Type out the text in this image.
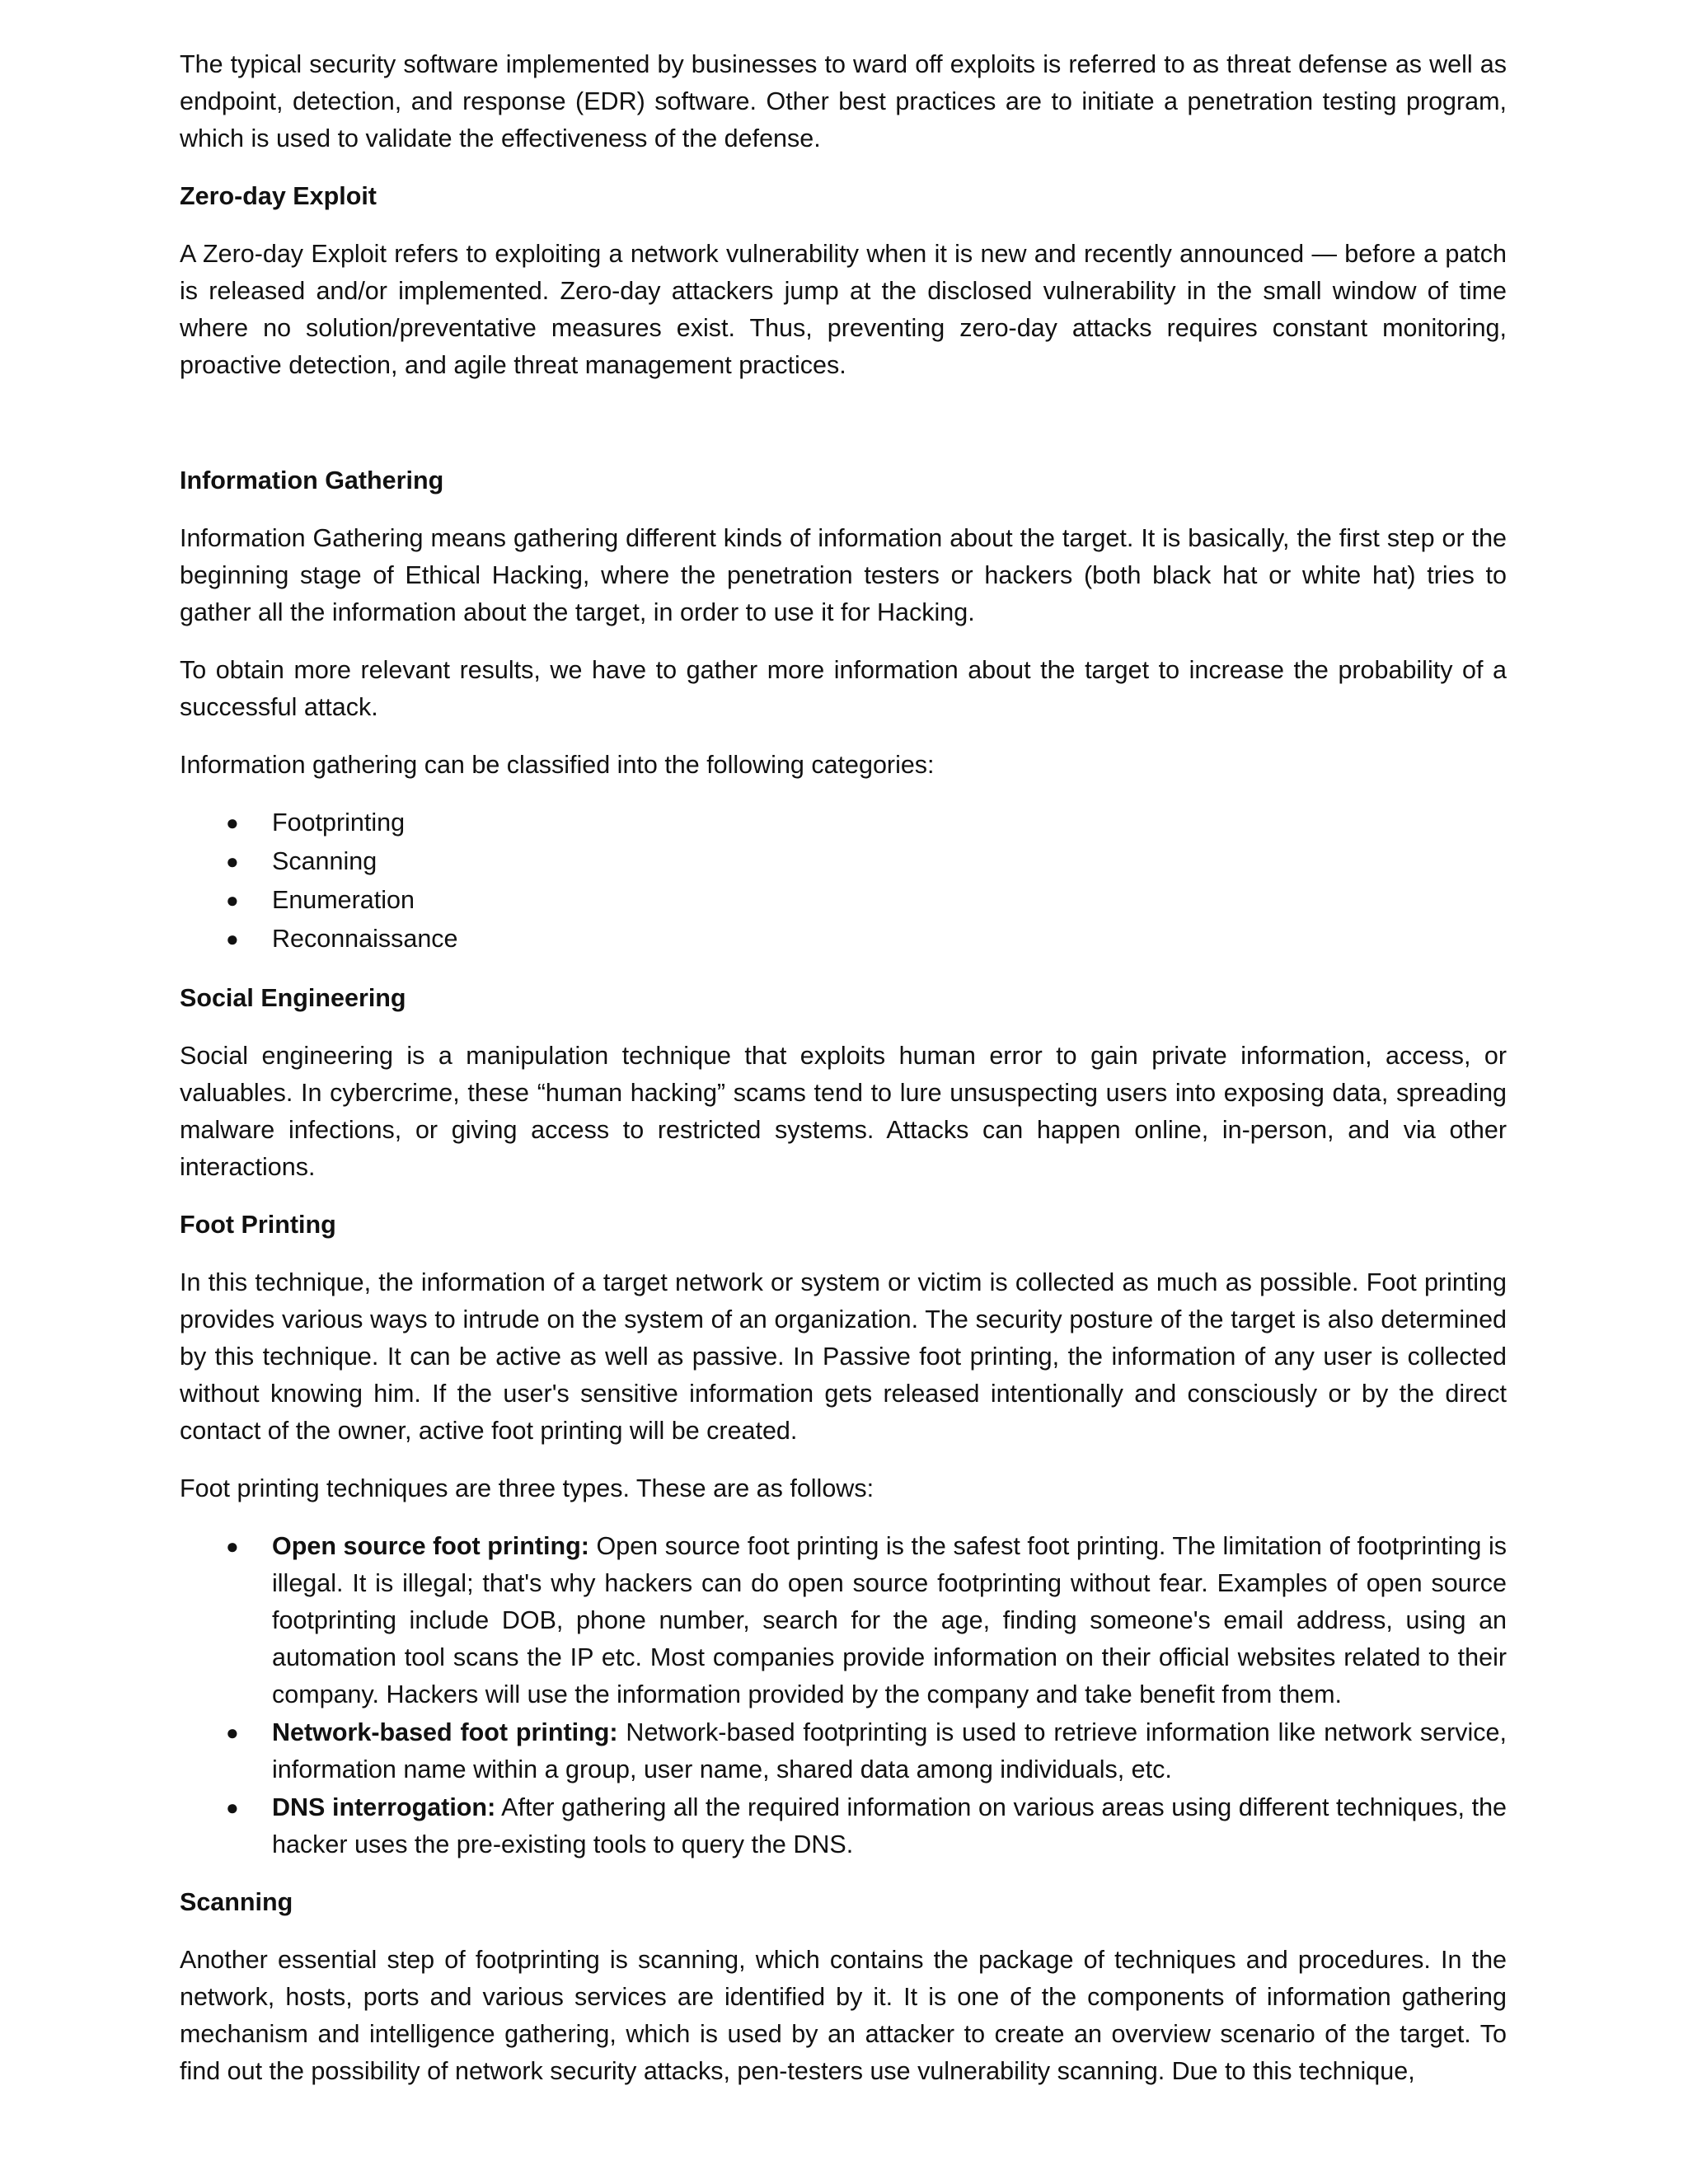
The typical security software implemented by businesses to ward off exploits is referred to as threat defense as well as endpoint, detection, and response (EDR) software. Other best practices are to initiate a penetration testing program, which is used to validate the effectiveness of the defense.

Zero-day Exploit

A Zero-day Exploit refers to exploiting a network vulnerability when it is new and recently announced — before a patch is released and/or implemented. Zero-day attackers jump at the disclosed vulnerability in the small window of time where no solution/preventative measures exist. Thus, preventing zero-day attacks requires constant monitoring, proactive detection, and agile threat management practices.

Information Gathering

Information Gathering means gathering different kinds of information about the target. It is basically, the first step or the beginning stage of Ethical Hacking, where the penetration testers or hackers (both black hat or white hat) tries to gather all the information about the target, in order to use it for Hacking.

To obtain more relevant results, we have to gather more information about the target to increase the probability of a successful attack.

Information gathering can be classified into the following categories:

● Footprinting
● Scanning
● Enumeration
● Reconnaissance
Social Engineering

Social engineering is a manipulation technique that exploits human error to gain private information, access, or valuables. In cybercrime, these “human hacking” scams tend to lure unsuspecting users into exposing data, spreading malware infections, or giving access to restricted systems. Attacks can happen online, in-person, and via other interactions.

Foot Printing

In this technique, the information of a target network or system or victim is collected as much as possible. Foot printing provides various ways to intrude on the system of an organization. The security posture of the target is also determined by this technique. It can be active as well as passive. In Passive foot printing, the information of any user is collected without knowing him. If the user's sensitive information gets released intentionally and consciously or by the direct contact of the owner, active foot printing will be created.

Foot printing techniques are three types. These are as follows:

● Open source foot printing: Open source foot printing is the safest foot printing. The limitation of footprinting is illegal. It is illegal; that's why hackers can do open source footprinting without fear. Examples of open source footprinting include DOB, phone number, search for the age, finding someone's email address, using an automation tool scans the IP etc. Most companies provide information on their official websites related to their company. Hackers will use the information provided by the company and take benefit from them.
● Network-based foot printing: Network-based footprinting is used to retrieve information like network service, information name within a group, user name, shared data among individuals, etc.
● DNS interrogation: After gathering all the required information on various areas using different techniques, the hacker uses the pre-existing tools to query the DNS.
Scanning

Another essential step of footprinting is scanning, which contains the package of techniques and procedures. In the network, hosts, ports and various services are identified by it. It is one of the components of information gathering mechanism and intelligence gathering, which is used by an attacker to create an overview scenario of the target. To find out the possibility of network security attacks, pen-testers use vulnerability scanning. Due to this technique,
